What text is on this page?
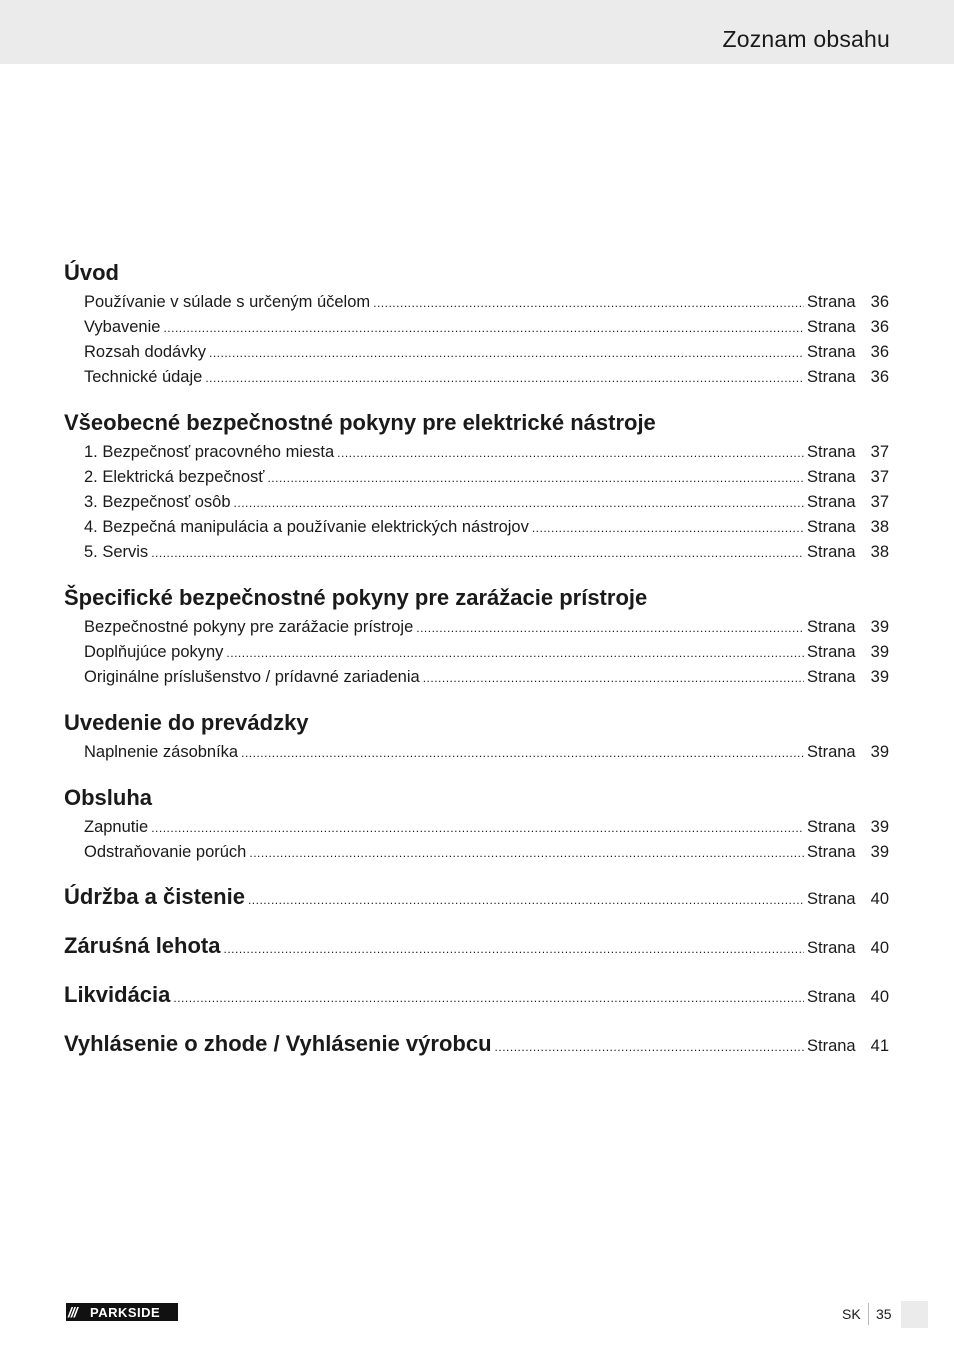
Zoznam obsahu
Úvod
Používanie v súlade s určeným účelom .....	Strana 36
Vybavenie .....	Strana 36
Rozsah dodávky .....	Strana 36
Technické údaje .....	Strana 36
Všeobecné bezpečnostné pokyny pre elektrické nástroje
1. Bezpečnosť pracovného miesta .....	Strana 37
2. Elektrická bezpečnosť .....	Strana 37
3. Bezpečnosť osôb .....	Strana 37
4. Bezpečná manipulácia a používanie elektrických nástrojov .....	Strana 38
5. Servis .....	Strana 38
Špecifické bezpečnostné pokyny pre zarážacie prístroje
Bezpečnostné pokyny pre zarážacie prístroje .....	Strana 39
Doplňujúce pokyny .....	Strana 39
Originálne príslušenstvo / prídavné zariadenia .....	Strana 39
Uvedenie do prevádzky
Naplnenie zásobníka .....	Strana 39
Obsluha
Zapnutie .....	Strana 39
Odstraňovanie porúch .....	Strana 39
Údržba a čistenie .....	Strana 40
Záruśná lehota .....	Strana 40
Likvidácia .....	Strana 40
Vyhlásenie o zhode / Vyhlásenie výrobcu .....	Strana 41
///	PARKSIDE	SK 35
